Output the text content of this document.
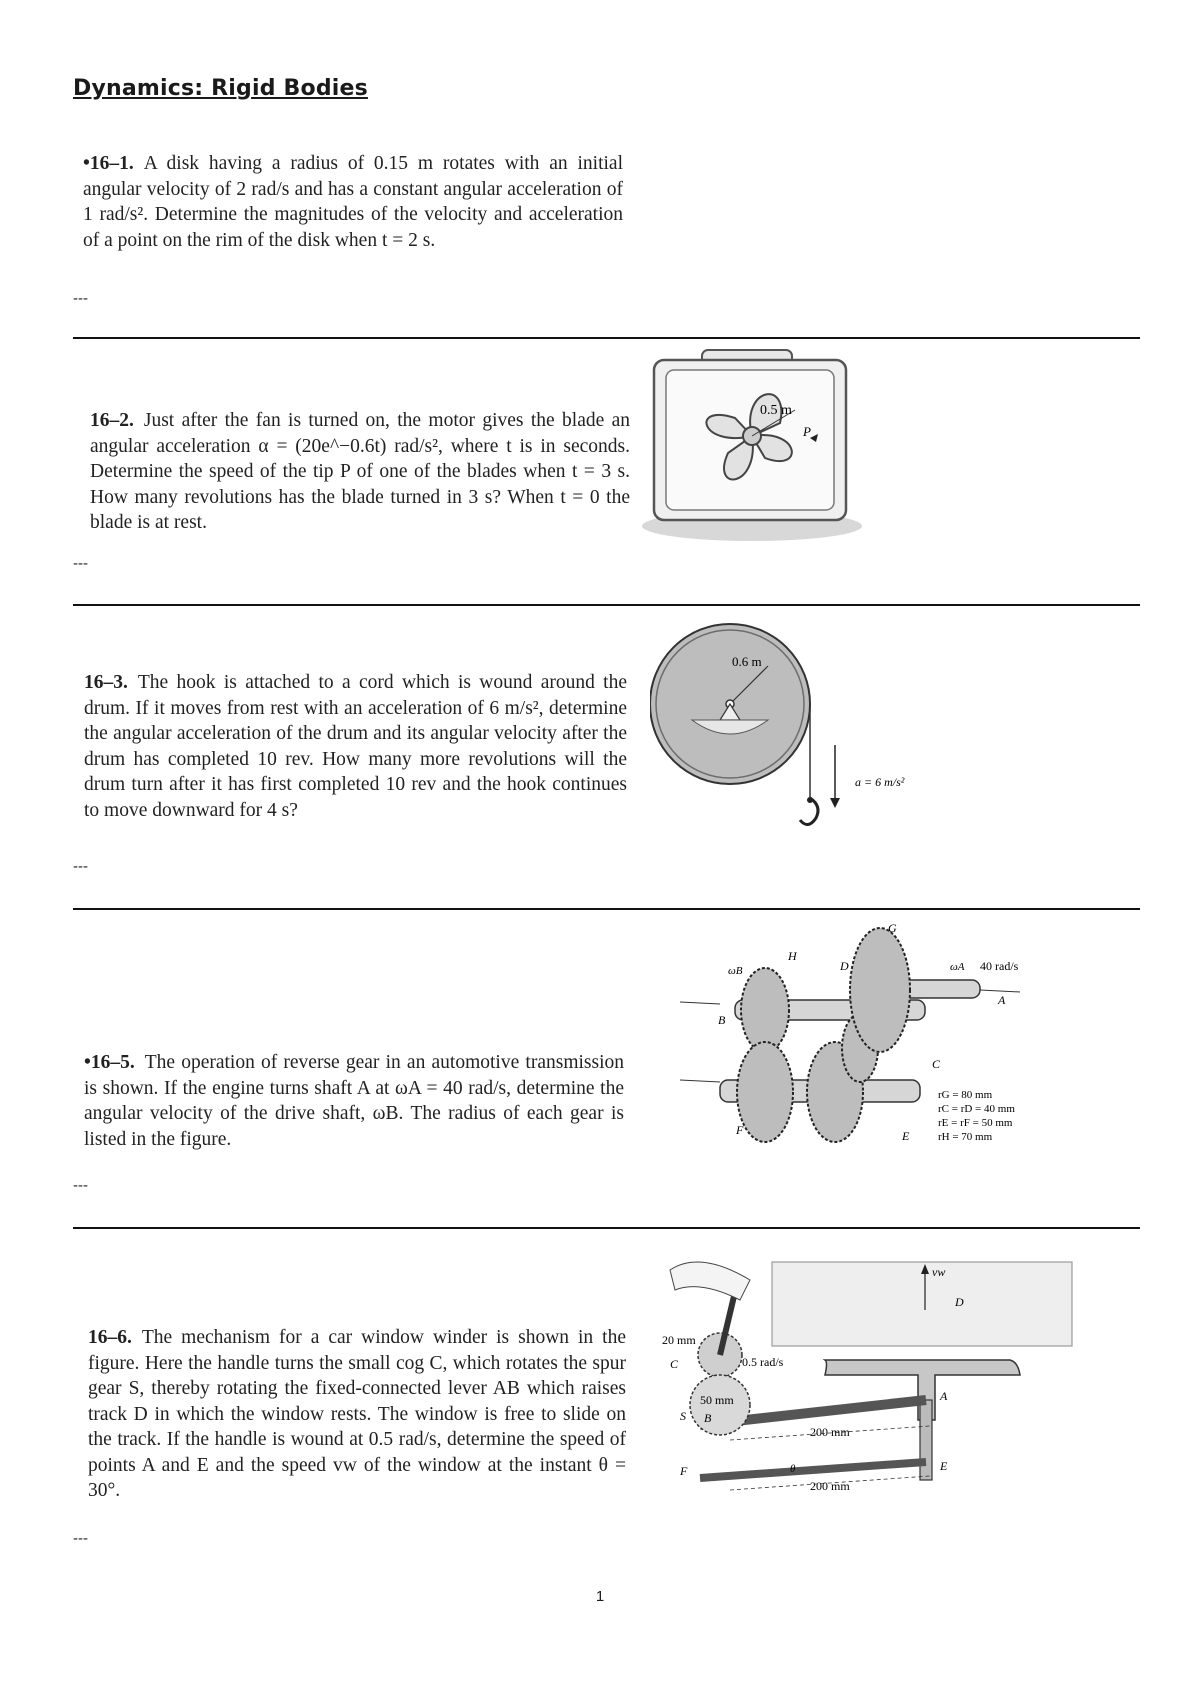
Dynamics: Rigid Bodies
•16–1. A disk having a radius of 0.15 m rotates with an initial angular velocity of 2 rad/s and has a constant angular acceleration of 1 rad/s². Determine the magnitudes of the velocity and acceleration of a point on the rim of the disk when t = 2 s.
---
16–2. Just after the fan is turned on, the motor gives the blade an angular acceleration α = (20e^−0.6t) rad/s², where t is in seconds. Determine the speed of the tip P of one of the blades when t = 3 s. How many revolutions has the blade turned in 3 s? When t = 0 the blade is at rest.
0.5 m
P
---
16–3. The hook is attached to a cord which is wound around the drum. If it moves from rest with an acceleration of 6 m/s², determine the angular acceleration of the drum and its angular velocity after the drum has completed 10 rev. How many more revolutions will the drum turn after it has first completed 10 rev and the hook continues to move downward for 4 s?
0.6 m
a = 6 m/s²
---
•16–5. The operation of reverse gear in an automotive transmission is shown. If the engine turns shaft A at ωA = 40 rad/s, determine the angular velocity of the drive shaft, ωB. The radius of each gear is listed in the figure.
H
G
D
A
B
C
E
F
ωB	ωA 40 rad/s
rG = 80 mm
rC = rD = 40 mm
rE = rF = 50 mm
rH = 70 mm
---
16–6. The mechanism for a car window winder is shown in the figure. Here the handle turns the small cog C, which rotates the spur gear S, thereby rotating the fixed-connected lever AB which raises track D in which the window rests. The window is free to slide on the track. If the handle is wound at 0.5 rad/s, determine the speed of points A and E and the speed vw of the window at the instant θ = 30°.
vw
D
A
E
20 mm
0.5 rad/s
50 mm
C
S B
F	θ
200 mm
200 mm
---
1
